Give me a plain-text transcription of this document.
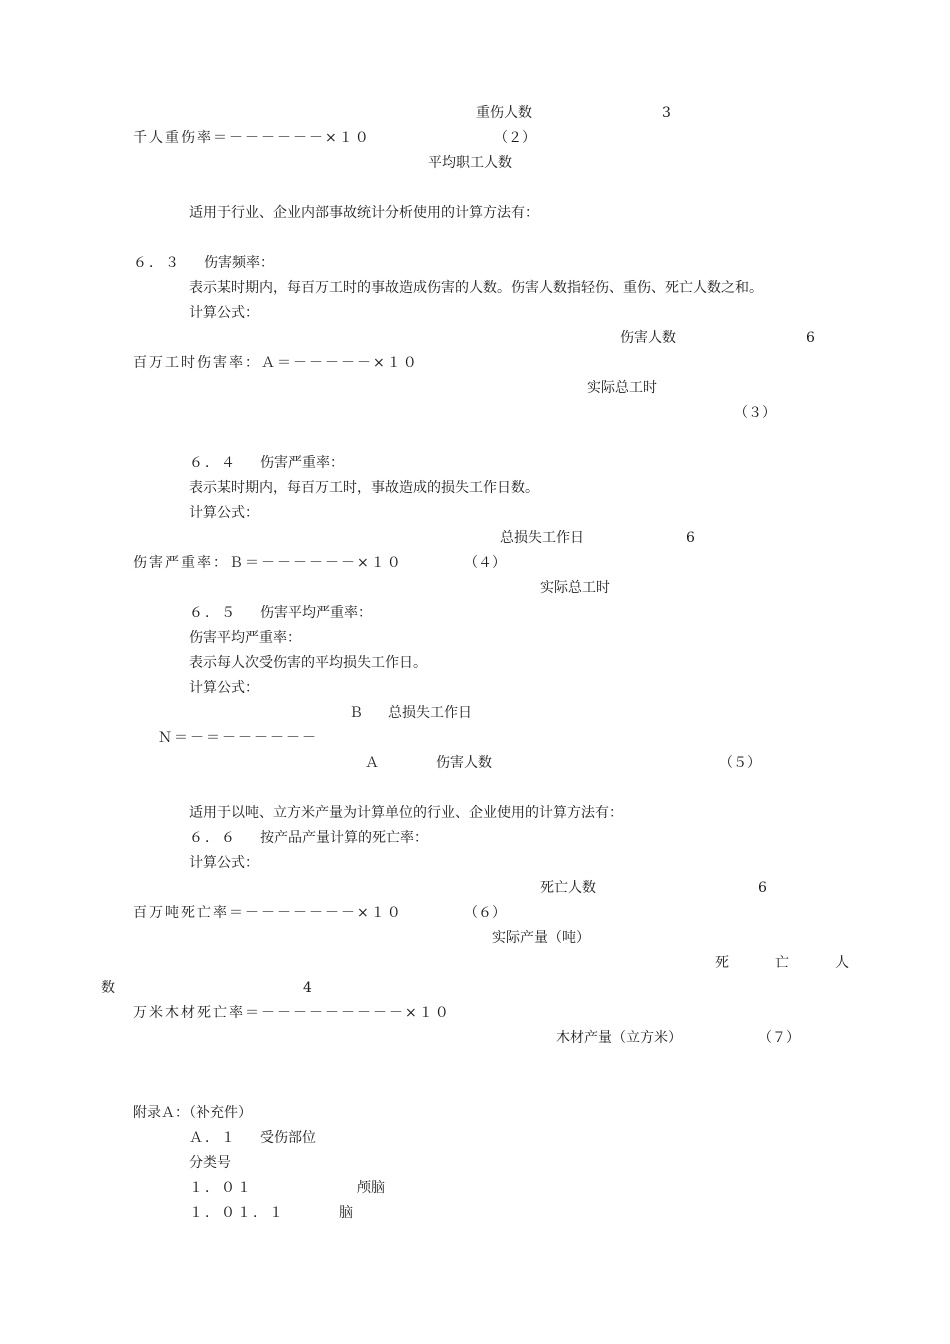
重伤人数	3
千人重伤率＝－－－－－－×１０	（２）
平均职工人数
适用于行业、企业内部事故统计分析使用的计算方法有：
６．３ 伤害频率：
表示某时期内，每百万工时的事故造成伤害的人数。伤害人数指轻伤、重伤、死亡人数之和。
计算公式：
伤害人数	6
百万工时伤害率：Ａ＝－－－－－×１０
实际总工时
（３）
６．４ 伤害严重率：
表示某时期内，每百万工时，事故造成的损失工作日数。
计算公式：
总损失工作日	6
伤害严重率：Ｂ＝－－－－－－×１０	（４）
实际总工时
６．５ 伤害平均严重率：
伤害平均严重率：
表示每人次受伤害的平均损失工作日。
计算公式：
Ｂ 总损失工作日
Ｎ＝－＝－－－－－－
Ａ	伤害人数	（５）
适用于以吨、立方米产量为计算单位的行业、企业使用的计算方法有：
６．６ 按产品产量计算的死亡率：
计算公式：
死亡人数	6
百万吨死亡率＝－－－－－－－×１０	（６）
实际产量（吨）
死　亡　人
数	4
万米木材死亡率＝－－－－－－－－－×１０
木材产量（立方米）	（７）
附录Ａ：（补充件）
Ａ．１ 受伤部位
分类号
１．０１	颅脑
１．０１．１	脑
